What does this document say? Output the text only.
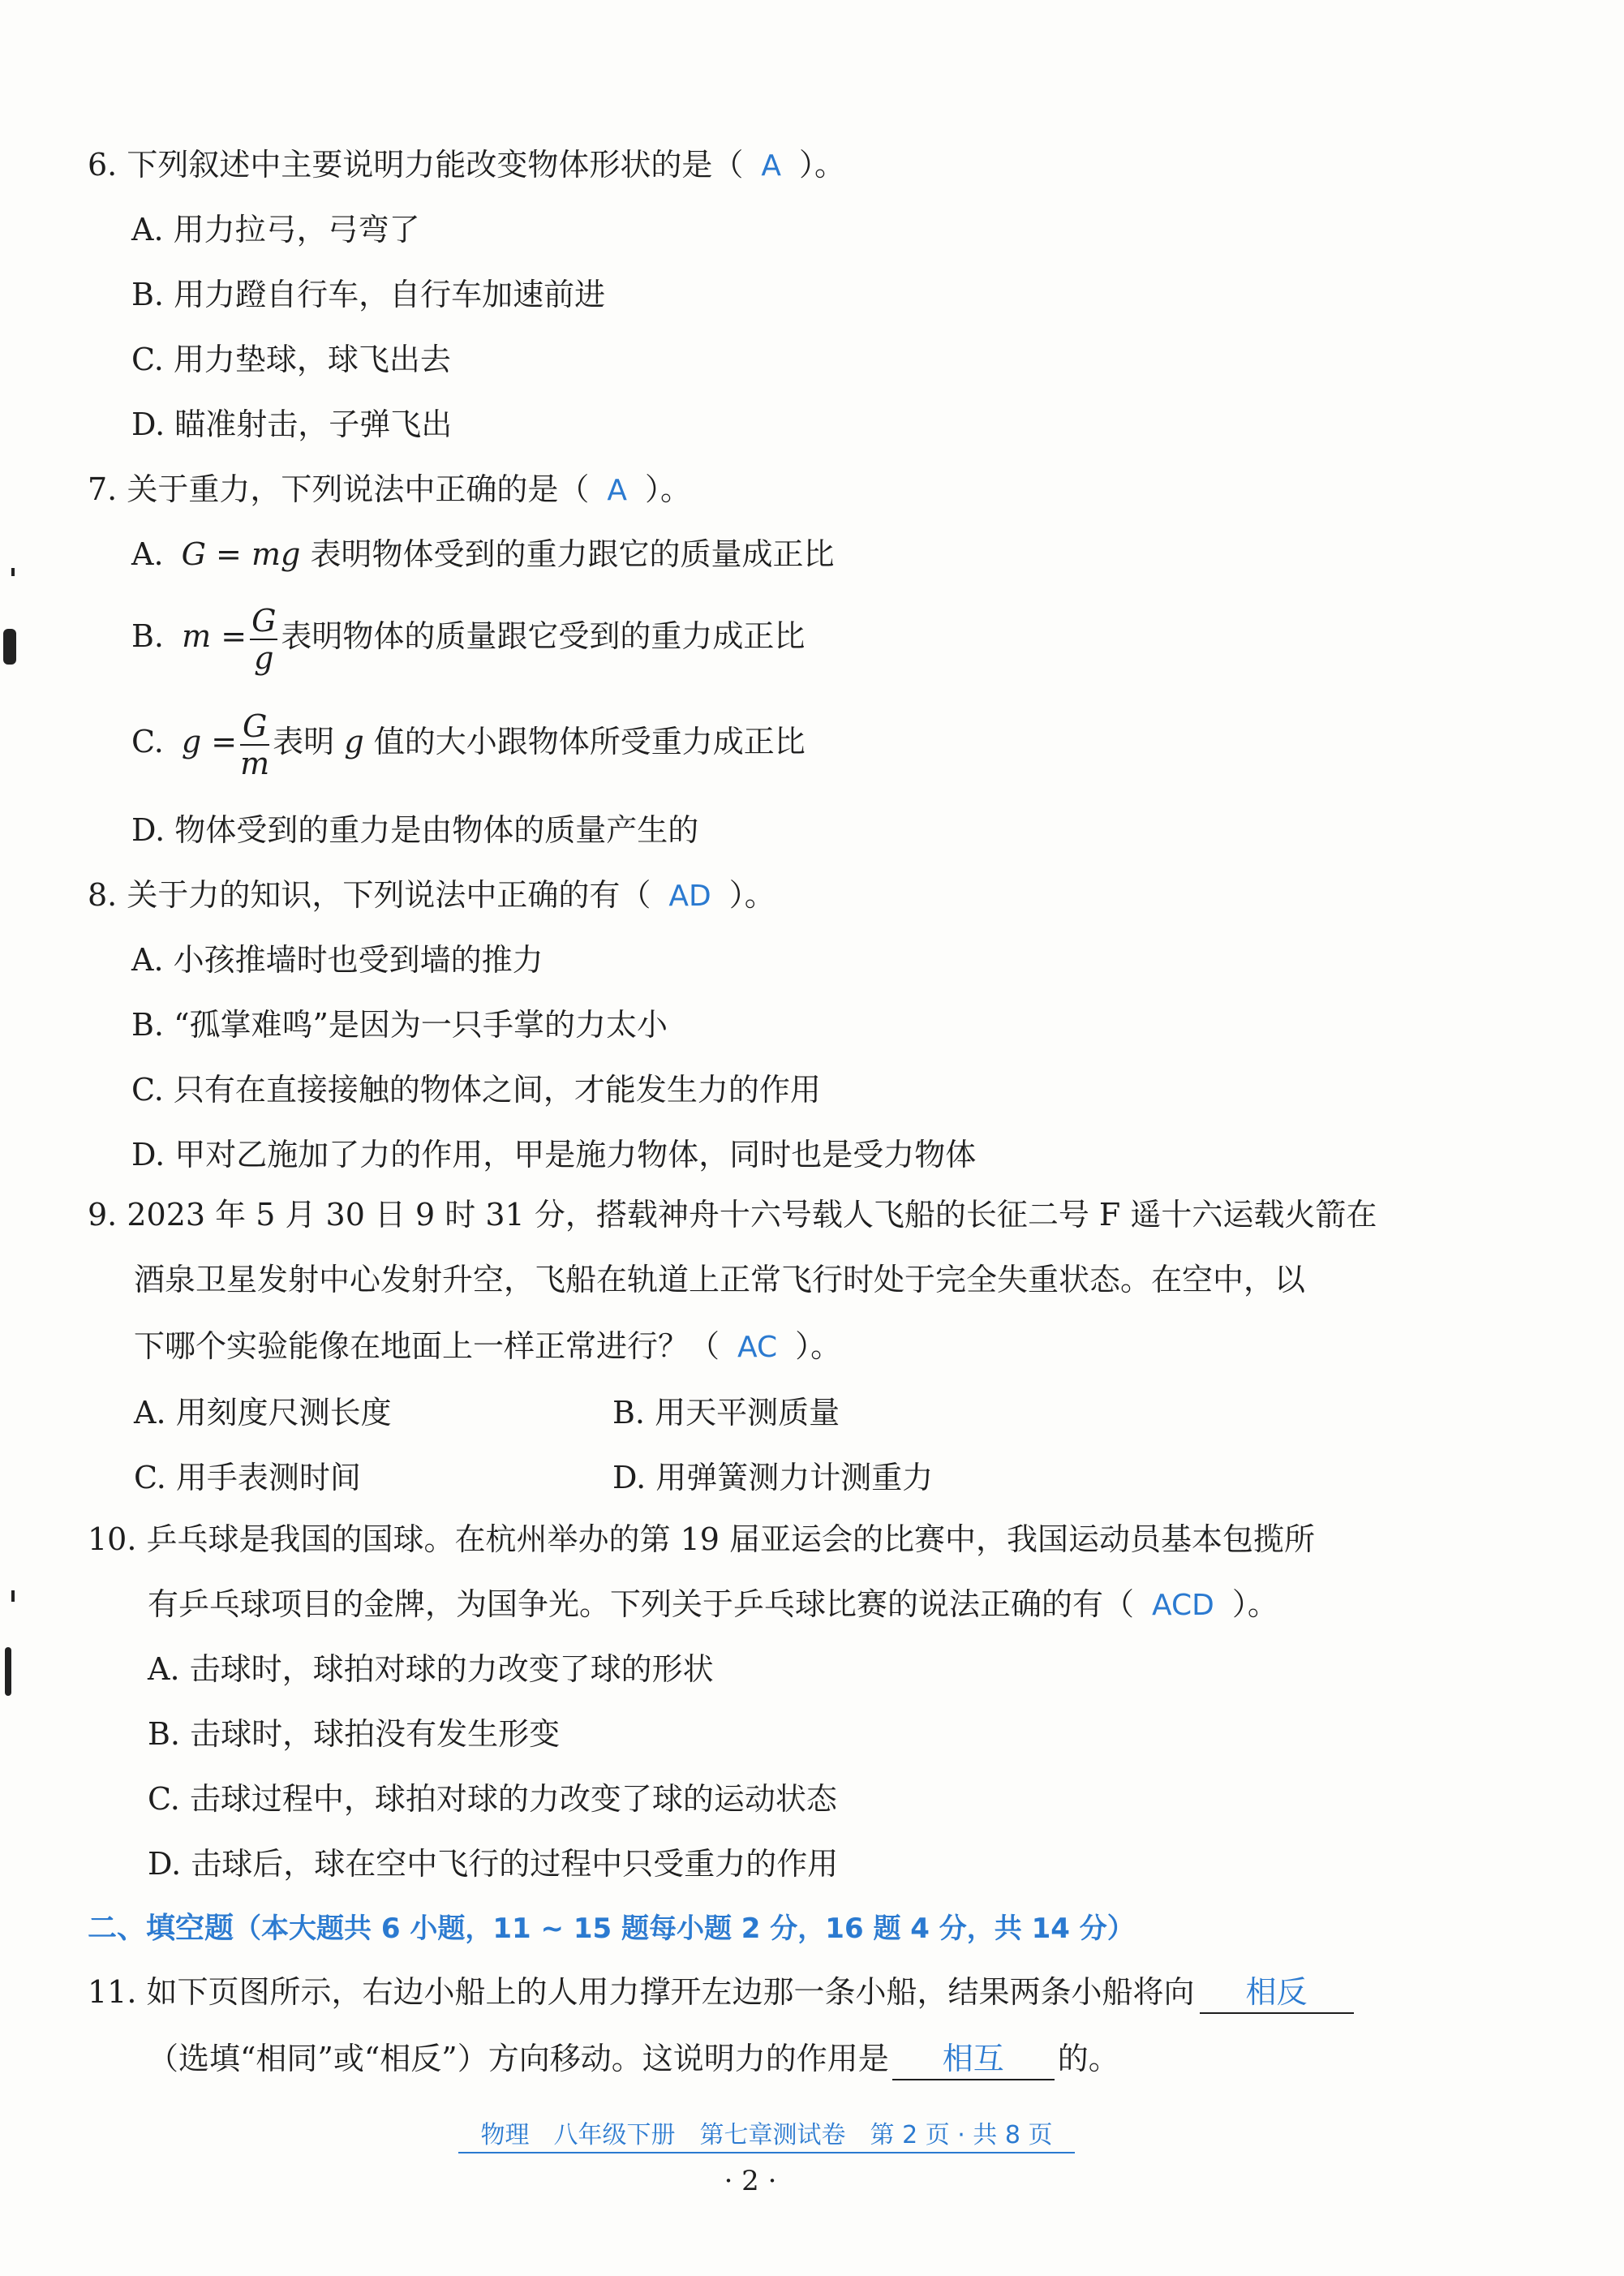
6. 下列叙述中主要说明力能改变物体形状的是（ A ）。
A. 用力拉弓，弓弯了
B. 用力蹬自行车，自行车加速前进
C. 用力垫球，球飞出去
D. 瞄准射击，子弹飞出
7. 关于重力，下列说法中正确的是（ A ）。
A. G = mg 表明物体受到的重力跟它的质量成正比
B. $m = \frac{G}{g}$ 表明物体的质量跟它受到的重力成正比
C. $g = \frac{G}{m}$ 表明 g 值的大小跟物体所受重力成正比
D. 物体受到的重力是由物体的质量产生的
8. 关于力的知识，下列说法中正确的有（ AD ）。
A. 小孩推墙时也受到墙的推力
B. “孤掌难鸣”是因为一只手掌的力太小
C. 只有在直接接触的物体之间，才能发生力的作用
D. 甲对乙施加了力的作用，甲是施力物体，同时也是受力物体
9. 2023 年 5 月 30 日 9 时 31 分，搭载神舟十六号载人飞船的长征二号 F 遥十六运载火箭在
酒泉卫星发射中心发射升空，飞船在轨道上正常飞行时处于完全失重状态。在空中，以
下哪个实验能像在地面上一样正常进行？（ AC ）。
A. 用刻度尺测长度	B. 用天平测质量
C. 用手表测时间	D. 用弹簧测力计测重力
10. 乒乓球是我国的国球。在杭州举办的第 19 届亚运会的比赛中，我国运动员基本包揽所
有乒乓球项目的金牌，为国争光。下列关于乒乓球比赛的说法正确的有（ ACD ）。
A. 击球时，球拍对球的力改变了球的形状
B. 击球时，球拍没有发生形变
C. 击球过程中，球拍对球的力改变了球的运动状态
D. 击球后，球在空中飞行的过程中只受重力的作用
二、填空题（本大题共 6 小题，11 ~ 15 题每小题 2 分，16 题 4 分，共 14 分）
11. 如下页图所示，右边小船上的人用力撑开左边那一条小船，结果两条小船将向 相反
（选填“相同”或“相反”）方向移动。这说明力的作用是 相互 的。
物理　八年级下册　第七章测试卷　第 2 页 · 共 8 页
· 2 ·
